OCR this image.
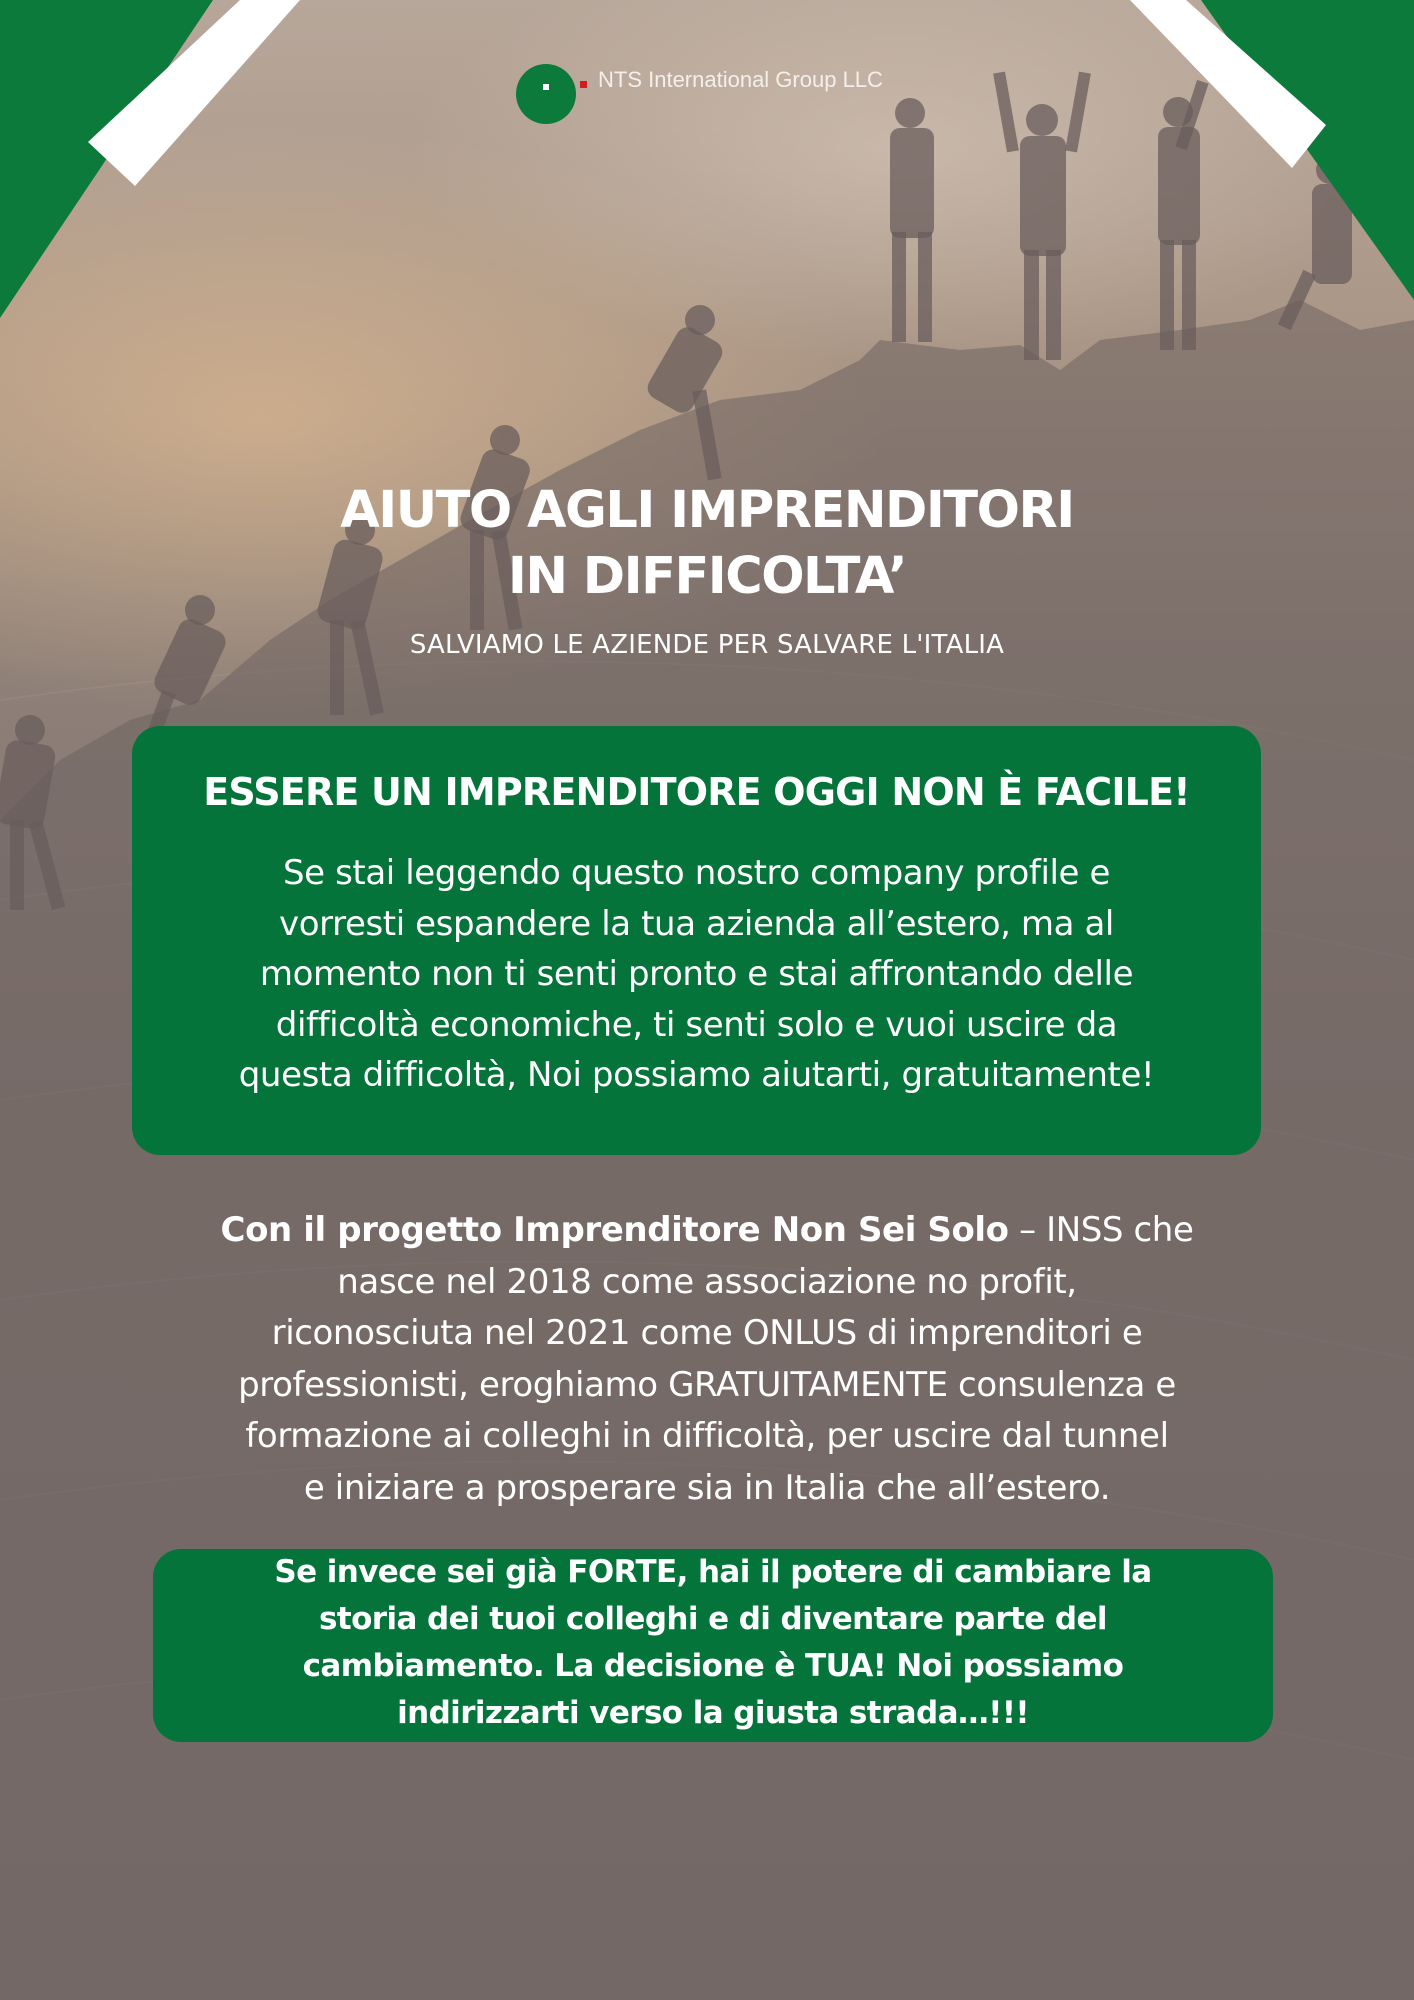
NTS International Group LLC
AIUTO AGLI IMPRENDITORI
IN DIFFICOLTA’
SALVIAMO LE AZIENDE PER SALVARE L'ITALIA
ESSERE UN IMPRENDITORE OGGI NON È FACILE!
Se stai leggendo questo nostro company profile e
vorresti espandere la tua azienda all’estero, ma al
momento non ti senti pronto e stai affrontando delle
difficoltà economiche, ti senti solo e vuoi uscire da
questa difficoltà, Noi possiamo aiutarti, gratuitamente!
Con il progetto Imprenditore Non Sei Solo – INSS che
nasce nel 2018 come associazione no profit,
riconosciuta nel 2021 come ONLUS di imprenditori e
professionisti, eroghiamo GRATUITAMENTE consulenza e
formazione ai colleghi in difficoltà, per uscire dal tunnel
e iniziare a prosperare sia in Italia che all’estero.
Se invece sei già FORTE, hai il potere di cambiare la
storia dei tuoi colleghi e di diventare parte del
cambiamento. La decisione è TUA! Noi possiamo
indirizzarti verso la giusta strada…!!!
